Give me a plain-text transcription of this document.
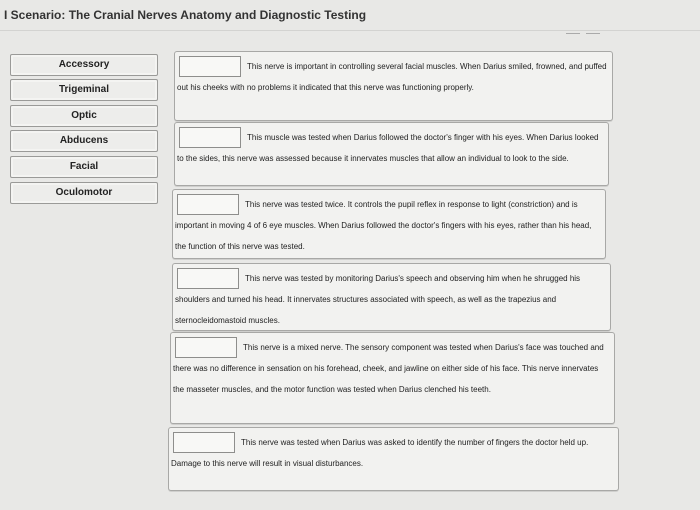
I Scenario: The Cranial Nerves Anatomy and Diagnostic Testing
Accessory
Trigeminal
Optic
Abducens
Facial
Oculomotor
This nerve is important in controlling several facial muscles. When Darius smiled, frowned, and puffed out his cheeks with no problems it indicated that this nerve was functioning properly.
This muscle was tested when Darius followed the doctor's finger with his eyes. When Darius looked to the sides, this nerve was assessed because it innervates muscles that allow an individual to look to the side.
This nerve was tested twice. It controls the pupil reflex in response to light (constriction) and is important in moving 4 of 6 eye muscles. When Darius followed the doctor's fingers with his eyes, rather than his head, the function of this nerve was tested.
This nerve was tested by monitoring Darius's speech and observing him when he shrugged his shoulders and turned his head. It innervates structures associated with speech, as well as the trapezius and sternocleidomastoid muscles.
This nerve is a mixed nerve. The sensory component was tested when Darius's face was touched and there was no difference in sensation on his forehead, cheek, and jawline on either side of his face. This nerve innervates the masseter muscles, and the motor function was tested when Darius clenched his teeth.
This nerve was tested when Darius was asked to identify the number of fingers the doctor held up. Damage to this nerve will result in visual disturbances.
